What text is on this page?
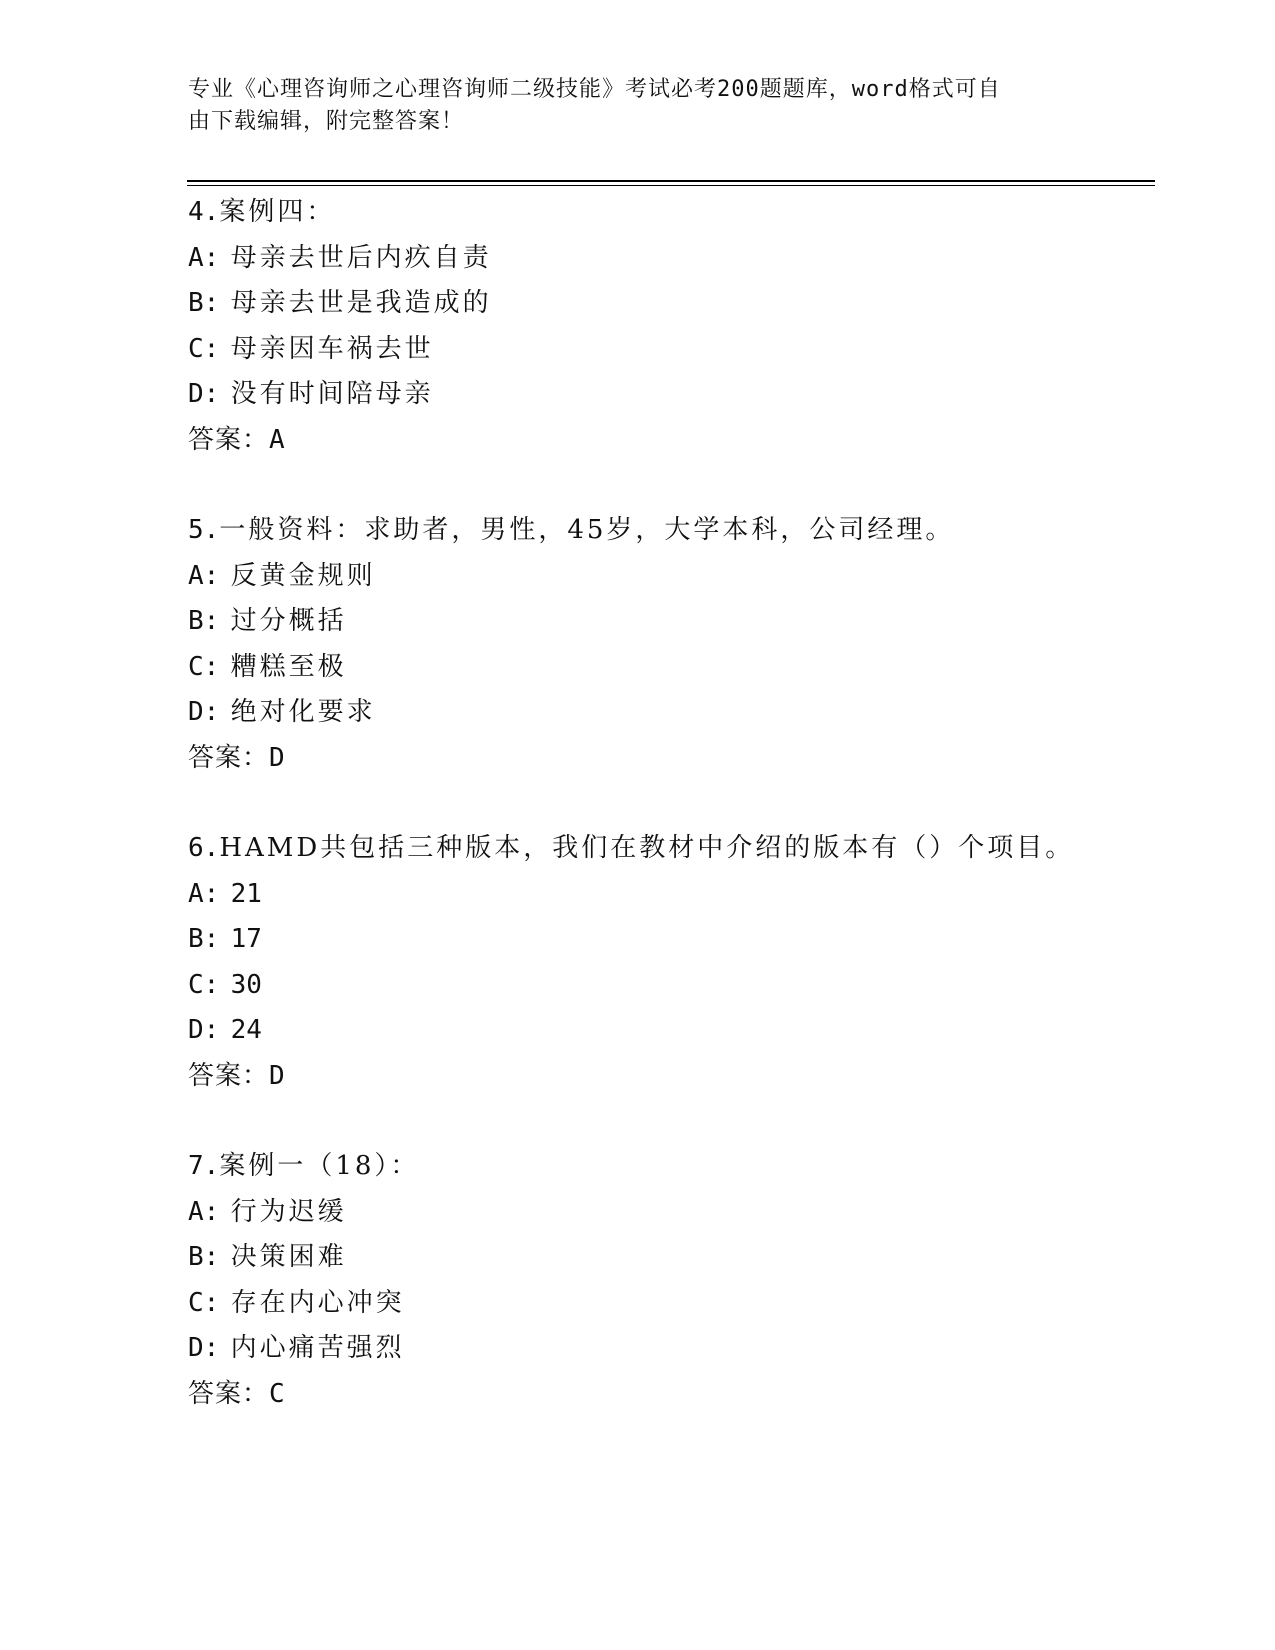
专业《心理咨询师之心理咨询师二级技能》考试必考200题题库，word格式可自
由下载编辑，附完整答案！
4.案例四：
A: 母亲去世后内疚自责
B: 母亲去世是我造成的
C: 母亲因车祸去世
D: 没有时间陪母亲
答案：A
5.一般资料：求助者，男性，45岁，大学本科，公司经理。
A: 反黄金规则
B: 过分概括
C: 糟糕至极
D: 绝对化要求
答案：D
6.HAMD共包括三种版本，我们在教材中介绍的版本有（）个项目。
A: 21
B: 17
C: 30
D: 24
答案：D
7.案例一（18）：
A: 行为迟缓
B: 决策困难
C: 存在内心冲突
D: 内心痛苦强烈
答案：C
